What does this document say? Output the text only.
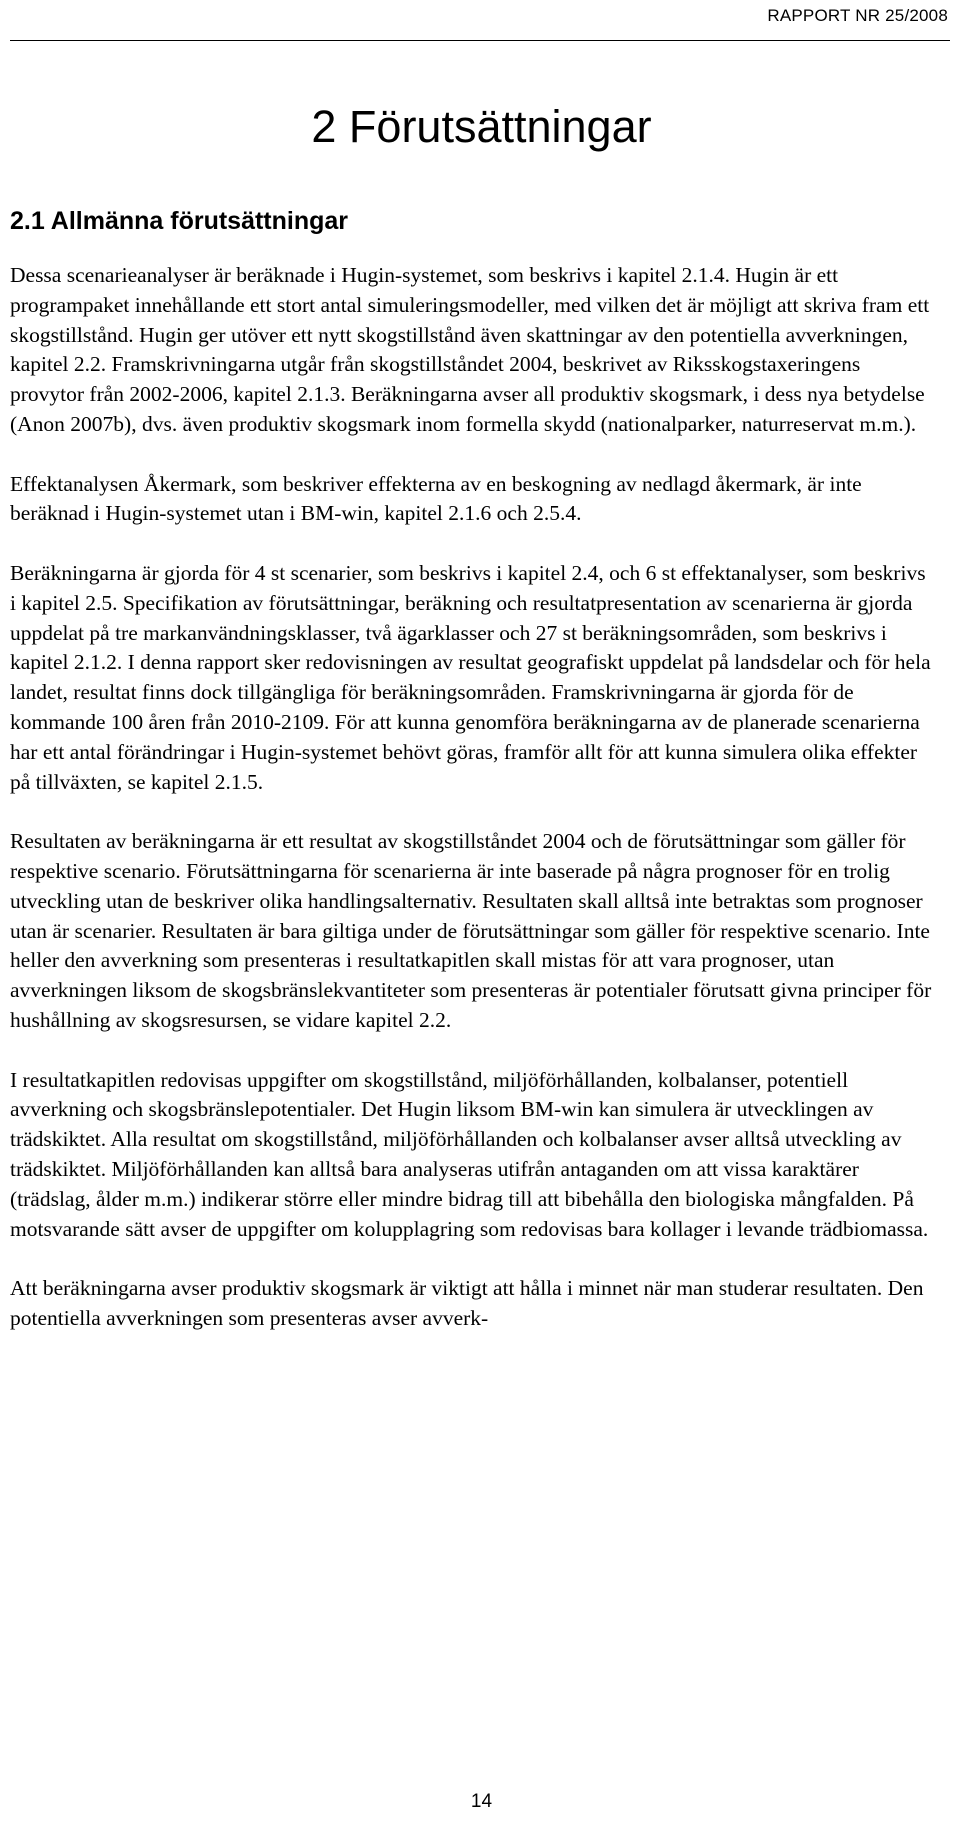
RAPPORT NR 25/2008
2 Förutsättningar
2.1 Allmänna förutsättningar

Dessa scenarieanalyser är beräknade i Hugin-systemet, som beskrivs i kapitel 2.1.4. Hugin är ett programpaket innehållande ett stort antal simuleringsmodeller, med vilken det är möjligt att skriva fram ett skogstillstånd. Hugin ger utöver ett nytt skogstillstånd även skattningar av den potentiella avverkningen, kapitel 2.2. Framskrivningarna utgår från skogstillståndet 2004, beskrivet av Riksskogstaxeringens provytor från 2002-2006, kapitel 2.1.3. Beräkningarna avser all produktiv skogsmark, i dess nya betydelse (Anon 2007b), dvs. även produktiv skogsmark inom formella skydd (nationalparker, naturreservat m.m.).

Effektanalysen Åkermark, som beskriver effekterna av en beskogning av nedlagd åkermark, är inte beräknad i Hugin-systemet utan i BM-win, kapitel 2.1.6 och 2.5.4.

Beräkningarna är gjorda för 4 st scenarier, som beskrivs i kapitel 2.4, och 6 st effektanalyser, som beskrivs i kapitel 2.5. Specifikation av förutsättningar, beräkning och resultatpresentation av scenarierna är gjorda uppdelat på tre markanvändningsklasser, två ägarklasser och 27 st beräkningsområden, som beskrivs i kapitel 2.1.2. I denna rapport sker redovisningen av resultat geografiskt uppdelat på landsdelar och för hela landet, resultat finns dock tillgängliga för beräkningsområden. Framskrivningarna är gjorda för de kommande 100 åren från 2010-2109. För att kunna genomföra beräkningarna av de planerade scenarierna har ett antal förändringar i Hugin-systemet behövt göras, framför allt för att kunna simulera olika effekter på tillväxten, se kapitel 2.1.5.

Resultaten av beräkningarna är ett resultat av skogstillståndet 2004 och de förutsättningar som gäller för respektive scenario. Förutsättningarna för scenarierna är inte baserade på några prognoser för en trolig utveckling utan de beskriver olika handlingsalternativ. Resultaten skall alltså inte betraktas som prognoser utan är scenarier. Resultaten är bara giltiga under de förutsättningar som gäller för respektive scenario. Inte heller den avverkning som presenteras i resultatkapitlen skall mistas för att vara prognoser, utan avverkningen liksom de skogsbränslekvantiteter som presenteras är potentialer förutsatt givna principer för hushållning av skogsresursen, se vidare kapitel 2.2.

I resultatkapitlen redovisas uppgifter om skogstillstånd, miljöförhållanden, kolbalanser, potentiell avverkning och skogsbränslepotentialer. Det Hugin liksom BM-win kan simulera är utvecklingen av trädskiktet. Alla resultat om skogstillstånd, miljöförhållanden och kolbalanser avser alltså utveckling av trädskiktet. Miljöförhållanden kan alltså bara analyseras utifrån antaganden om att vissa karaktärer (trädslag, ålder m.m.) indikerar större eller mindre bidrag till att bibehålla den biologiska mångfalden. På motsvarande sätt avser de uppgifter om kolupplagring som redovisas bara kollager i levande trädbiomassa.

Att beräkningarna avser produktiv skogsmark är viktigt att hålla i minnet när man studerar resultaten. Den potentiella avverkningen som presenteras avser avverk-

14
